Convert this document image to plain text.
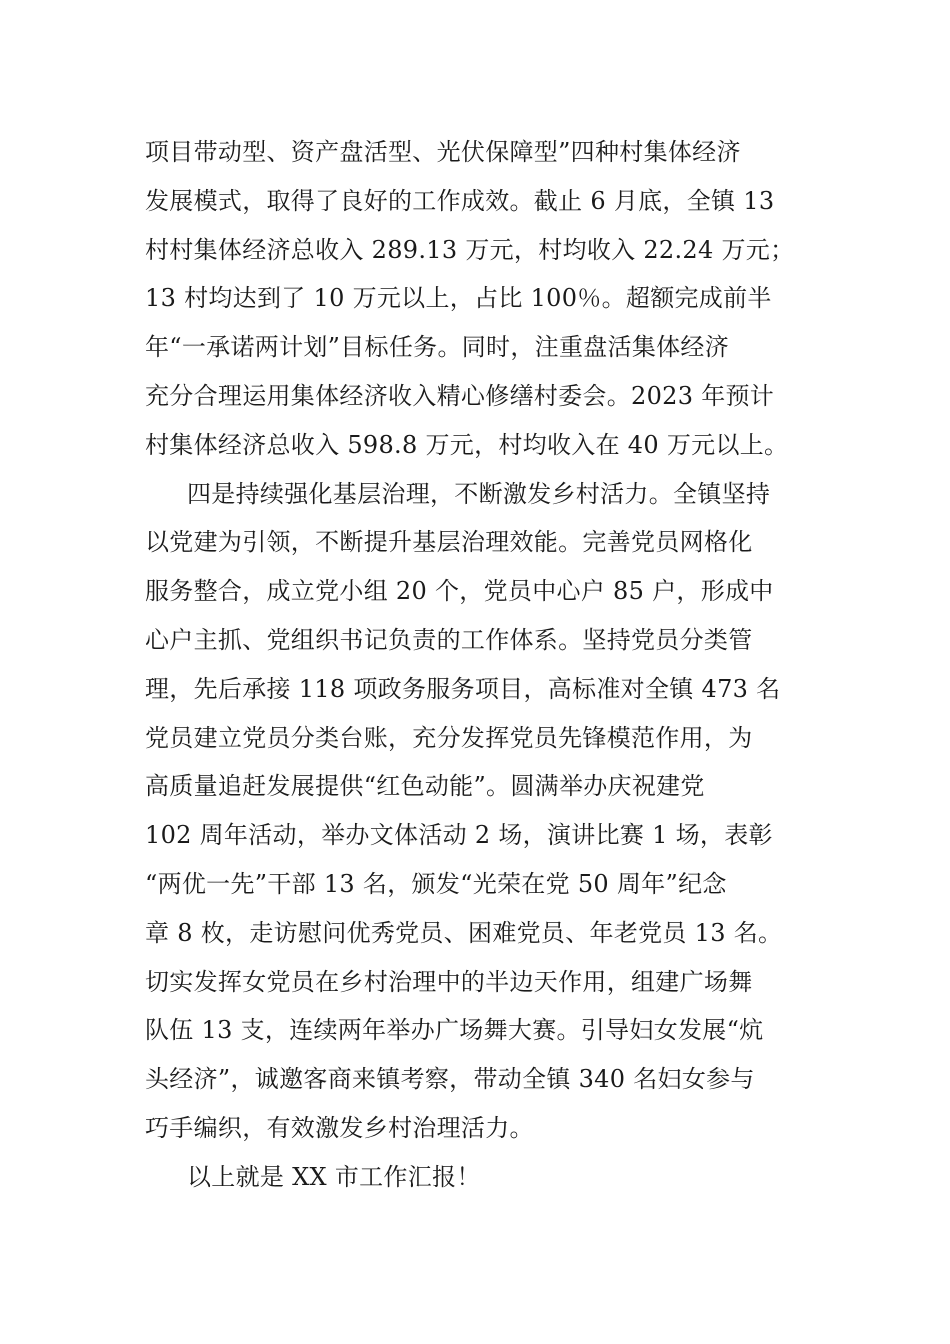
项目带动型、资产盘活型、光伏保障型”四种村集体经济
发展模式，取得了良好的工作成效。截止 6 月底，全镇 13
村村集体经济总收入 289.13 万元，村均收入 22.24 万元；
13 村均达到了 10 万元以上，占比 100％。超额完成前半
年“一承诺两计划”目标任务。同时，注重盘活集体经济
充分合理运用集体经济收入精心修缮村委会。2023 年预计
村集体经济总收入 598.8 万元，村均收入在 40 万元以上。
四是持续强化基层治理，不断激发乡村活力。全镇坚持
以党建为引领，不断提升基层治理效能。完善党员网格化
服务整合，成立党小组 20 个，党员中心户 85 户，形成中
心户主抓、党组织书记负责的工作体系。坚持党员分类管
理，先后承接 118 项政务服务项目，高标准对全镇 473 名
党员建立党员分类台账，充分发挥党员先锋模范作用，为
高质量追赶发展提供“红色动能”。圆满举办庆祝建党
102 周年活动，举办文体活动 2 场，演讲比赛 1 场，表彰
“两优一先”干部 13 名，颁发“光荣在党 50 周年”纪念
章 8 枚，走访慰问优秀党员、困难党员、年老党员 13 名。
切实发挥女党员在乡村治理中的半边天作用，组建广场舞
队伍 13 支，连续两年举办广场舞大赛。引导妇女发展“炕
头经济”，诚邀客商来镇考察，带动全镇 340 名妇女参与
巧手编织，有效激发乡村治理活力。
以上就是 XX 市工作汇报！
